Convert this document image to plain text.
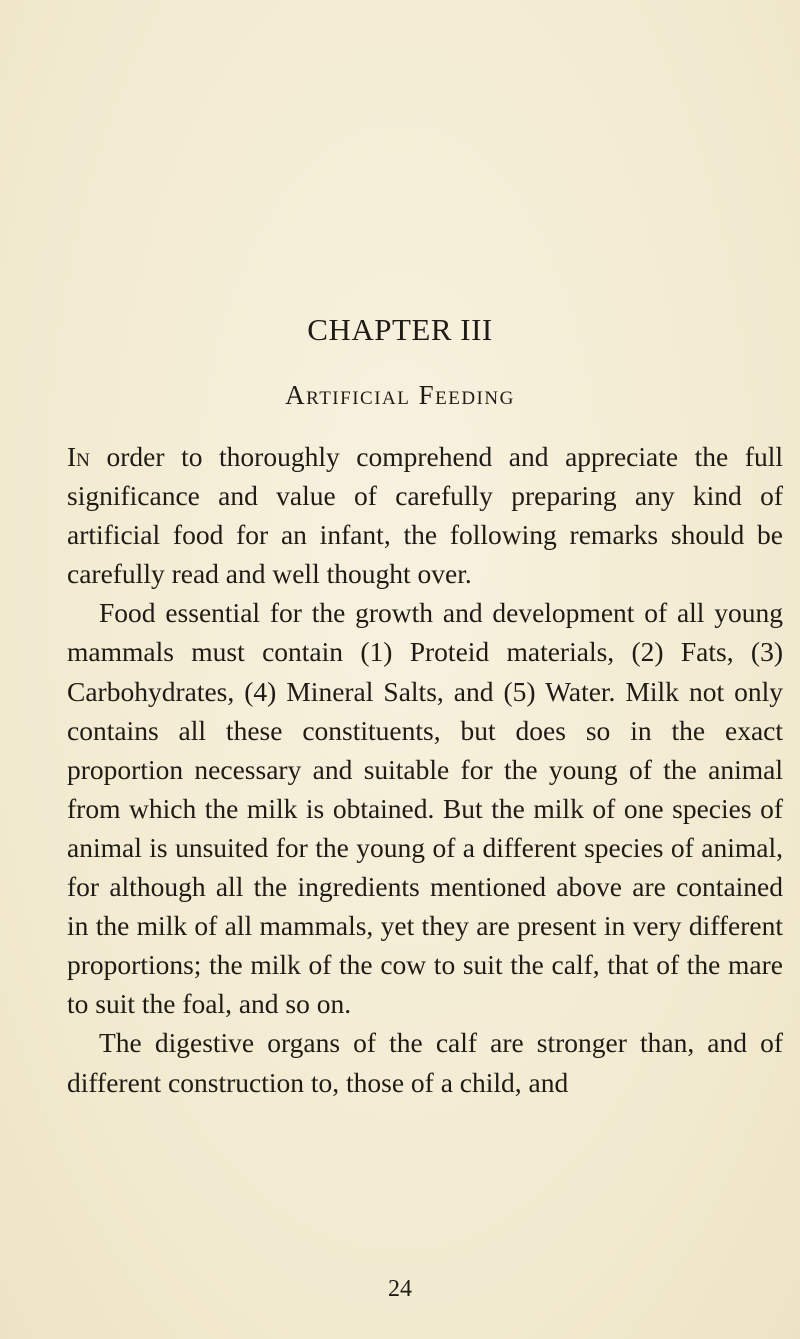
CHAPTER III
Artificial Feeding

In order to thoroughly comprehend and appreciate the full significance and value of carefully preparing any kind of artificial food for an infant, the following remarks should be carefully read and well thought over.

Food essential for the growth and development of all young mammals must contain (1) Proteid materials, (2) Fats, (3) Carbohydrates, (4) Mineral Salts, and (5) Water. Milk not only contains all these constituents, but does so in the exact proportion necessary and suitable for the young of the animal from which the milk is obtained. But the milk of one species of animal is unsuited for the young of a different species of animal, for although all the ingredients mentioned above are contained in the milk of all mammals, yet they are present in very different proportions; the milk of the cow to suit the calf, that of the mare to suit the foal, and so on.

The digestive organs of the calf are stronger than, and of different construction to, those of a child, and

24
